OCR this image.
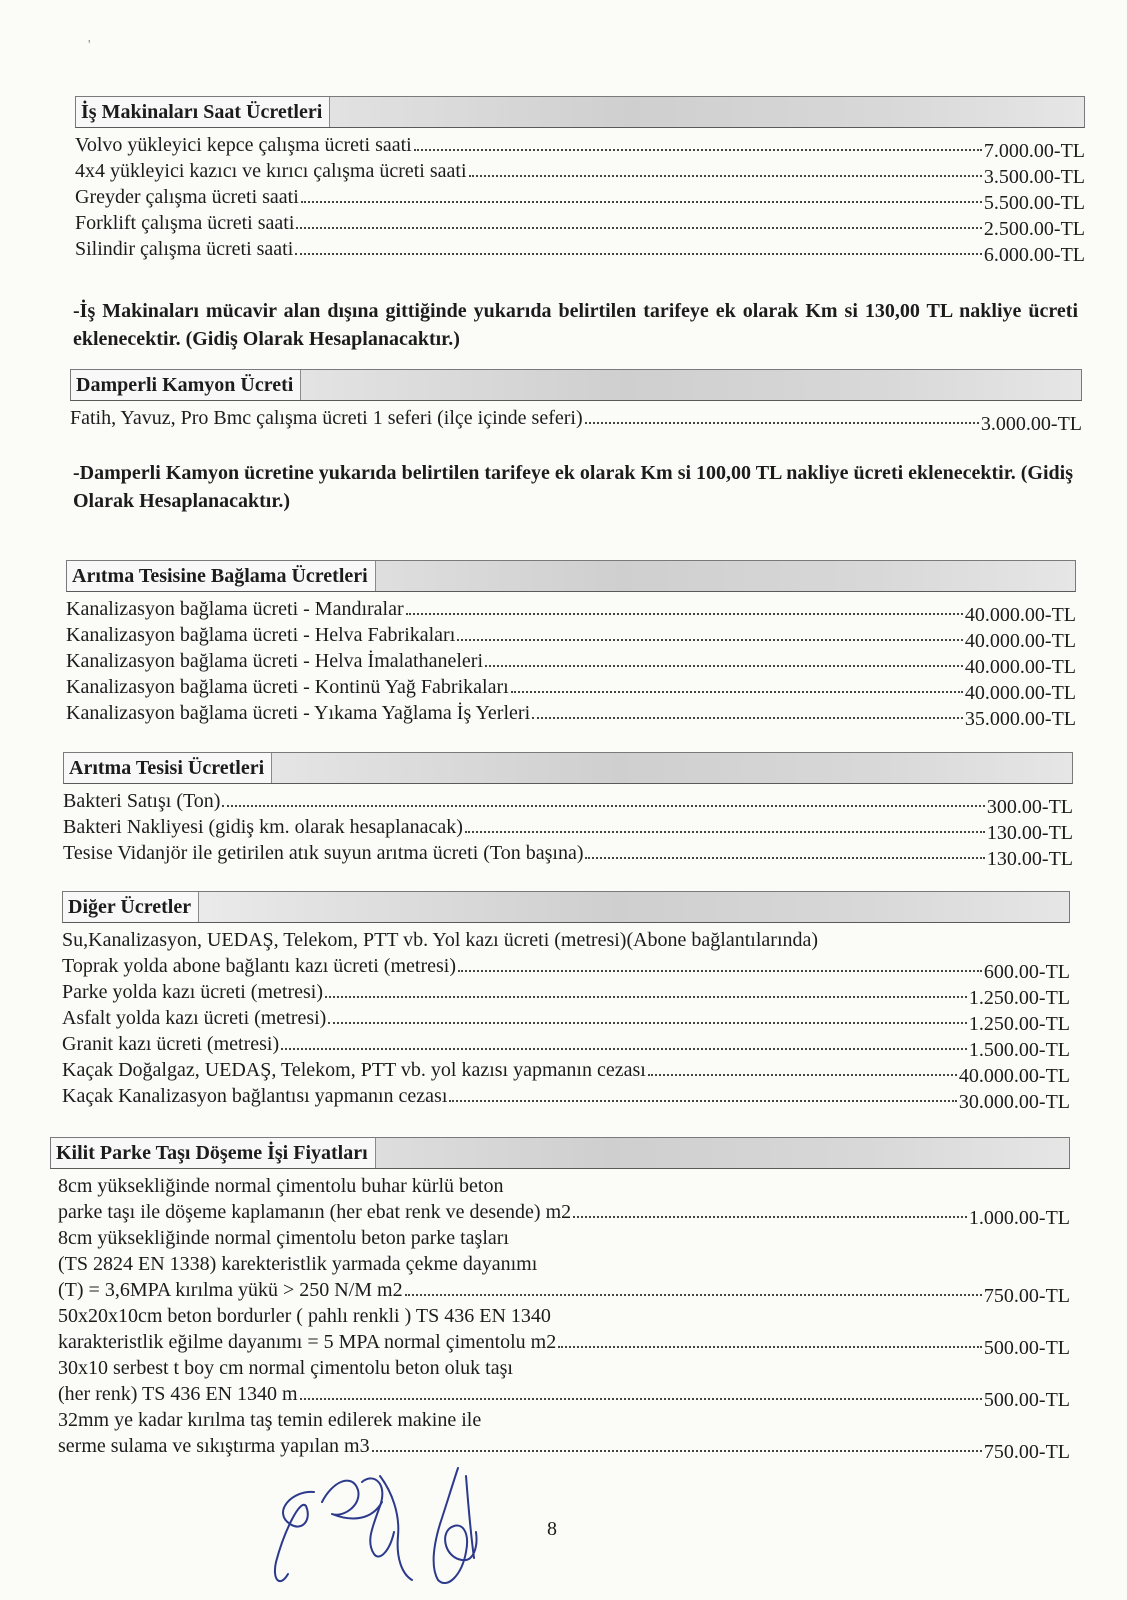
'
İş Makinaları Saat Ücretleri
Volvo yükleyici kepce çalışma ücreti saati	7.000.00-TL
4x4 yükleyici kazıcı ve kırıcı çalışma ücreti saati	3.500.00-TL
Greyder çalışma ücreti saati	5.500.00-TL
Forklift çalışma ücreti saati	2.500.00-TL
Silindir çalışma ücreti saati	6.000.00-TL
-İş Makinaları mücavir alan dışına gittiğinde yukarıda belirtilen tarifeye ek olarak Km si 130,00 TL nakliye ücreti eklenecektir. (Gidiş Olarak Hesaplanacaktır.)
Damperli Kamyon Ücreti
Fatih, Yavuz, Pro Bmc çalışma ücreti 1 seferi (ilçe içinde seferi)	3.000.00-TL
-Damperli Kamyon ücretine yukarıda belirtilen tarifeye ek olarak Km si 100,00 TL nakliye ücreti eklenecektir. (Gidiş Olarak Hesaplanacaktır.)
Arıtma Tesisine Bağlama Ücretleri
Kanalizasyon bağlama ücreti - Mandıralar	40.000.00-TL
Kanalizasyon bağlama ücreti - Helva Fabrikaları	40.000.00-TL
Kanalizasyon bağlama ücreti - Helva İmalathaneleri	40.000.00-TL
Kanalizasyon bağlama ücreti - Kontinü Yağ Fabrikaları	40.000.00-TL
Kanalizasyon bağlama ücreti - Yıkama Yağlama İş Yerleri	35.000.00-TL
Arıtma Tesisi Ücretleri
Bakteri Satışı (Ton)	300.00-TL
Bakteri Nakliyesi (gidiş km. olarak hesaplanacak)	130.00-TL
Tesise Vidanjör ile getirilen atık suyun arıtma ücreti (Ton başına)	130.00-TL
Diğer Ücretler
Su,Kanalizasyon, UEDAŞ, Telekom, PTT vb. Yol kazı ücreti (metresi)(Abone bağlantılarında)
Toprak yolda abone bağlantı kazı ücreti (metresi)	600.00-TL
Parke yolda kazı ücreti (metresi)	1.250.00-TL
Asfalt yolda kazı ücreti (metresi)	1.250.00-TL
Granit kazı ücreti (metresi)	1.500.00-TL
Kaçak Doğalgaz, UEDAŞ, Telekom, PTT vb. yol kazısı yapmanın cezası	40.000.00-TL
Kaçak Kanalizasyon bağlantısı yapmanın cezası	30.000.00-TL
Kilit Parke Taşı Döşeme İşi Fiyatları
8cm yüksekliğinde normal çimentolu buhar kürlü beton
parke taşı ile döşeme kaplamanın (her ebat renk ve desende) m2	1.000.00-TL
8cm yüksekliğinde normal çimentolu beton parke taşları
(TS 2824 EN 1338) karekteristlik yarmada çekme dayanımı
(T) = 3,6MPA kırılma yükü > 250 N/M m2	750.00-TL
50x20x10cm beton bordurler ( pahlı renkli ) TS 436 EN 1340
karakteristlik eğilme dayanımı = 5 MPA normal çimentolu m2	500.00-TL
30x10 serbest t boy cm normal çimentolu beton oluk taşı
(her renk) TS 436 EN 1340 m	500.00-TL
32mm ye kadar kırılma taş temin edilerek makine ile
serme sulama ve sıkıştırma yapılan m3	750.00-TL
8
